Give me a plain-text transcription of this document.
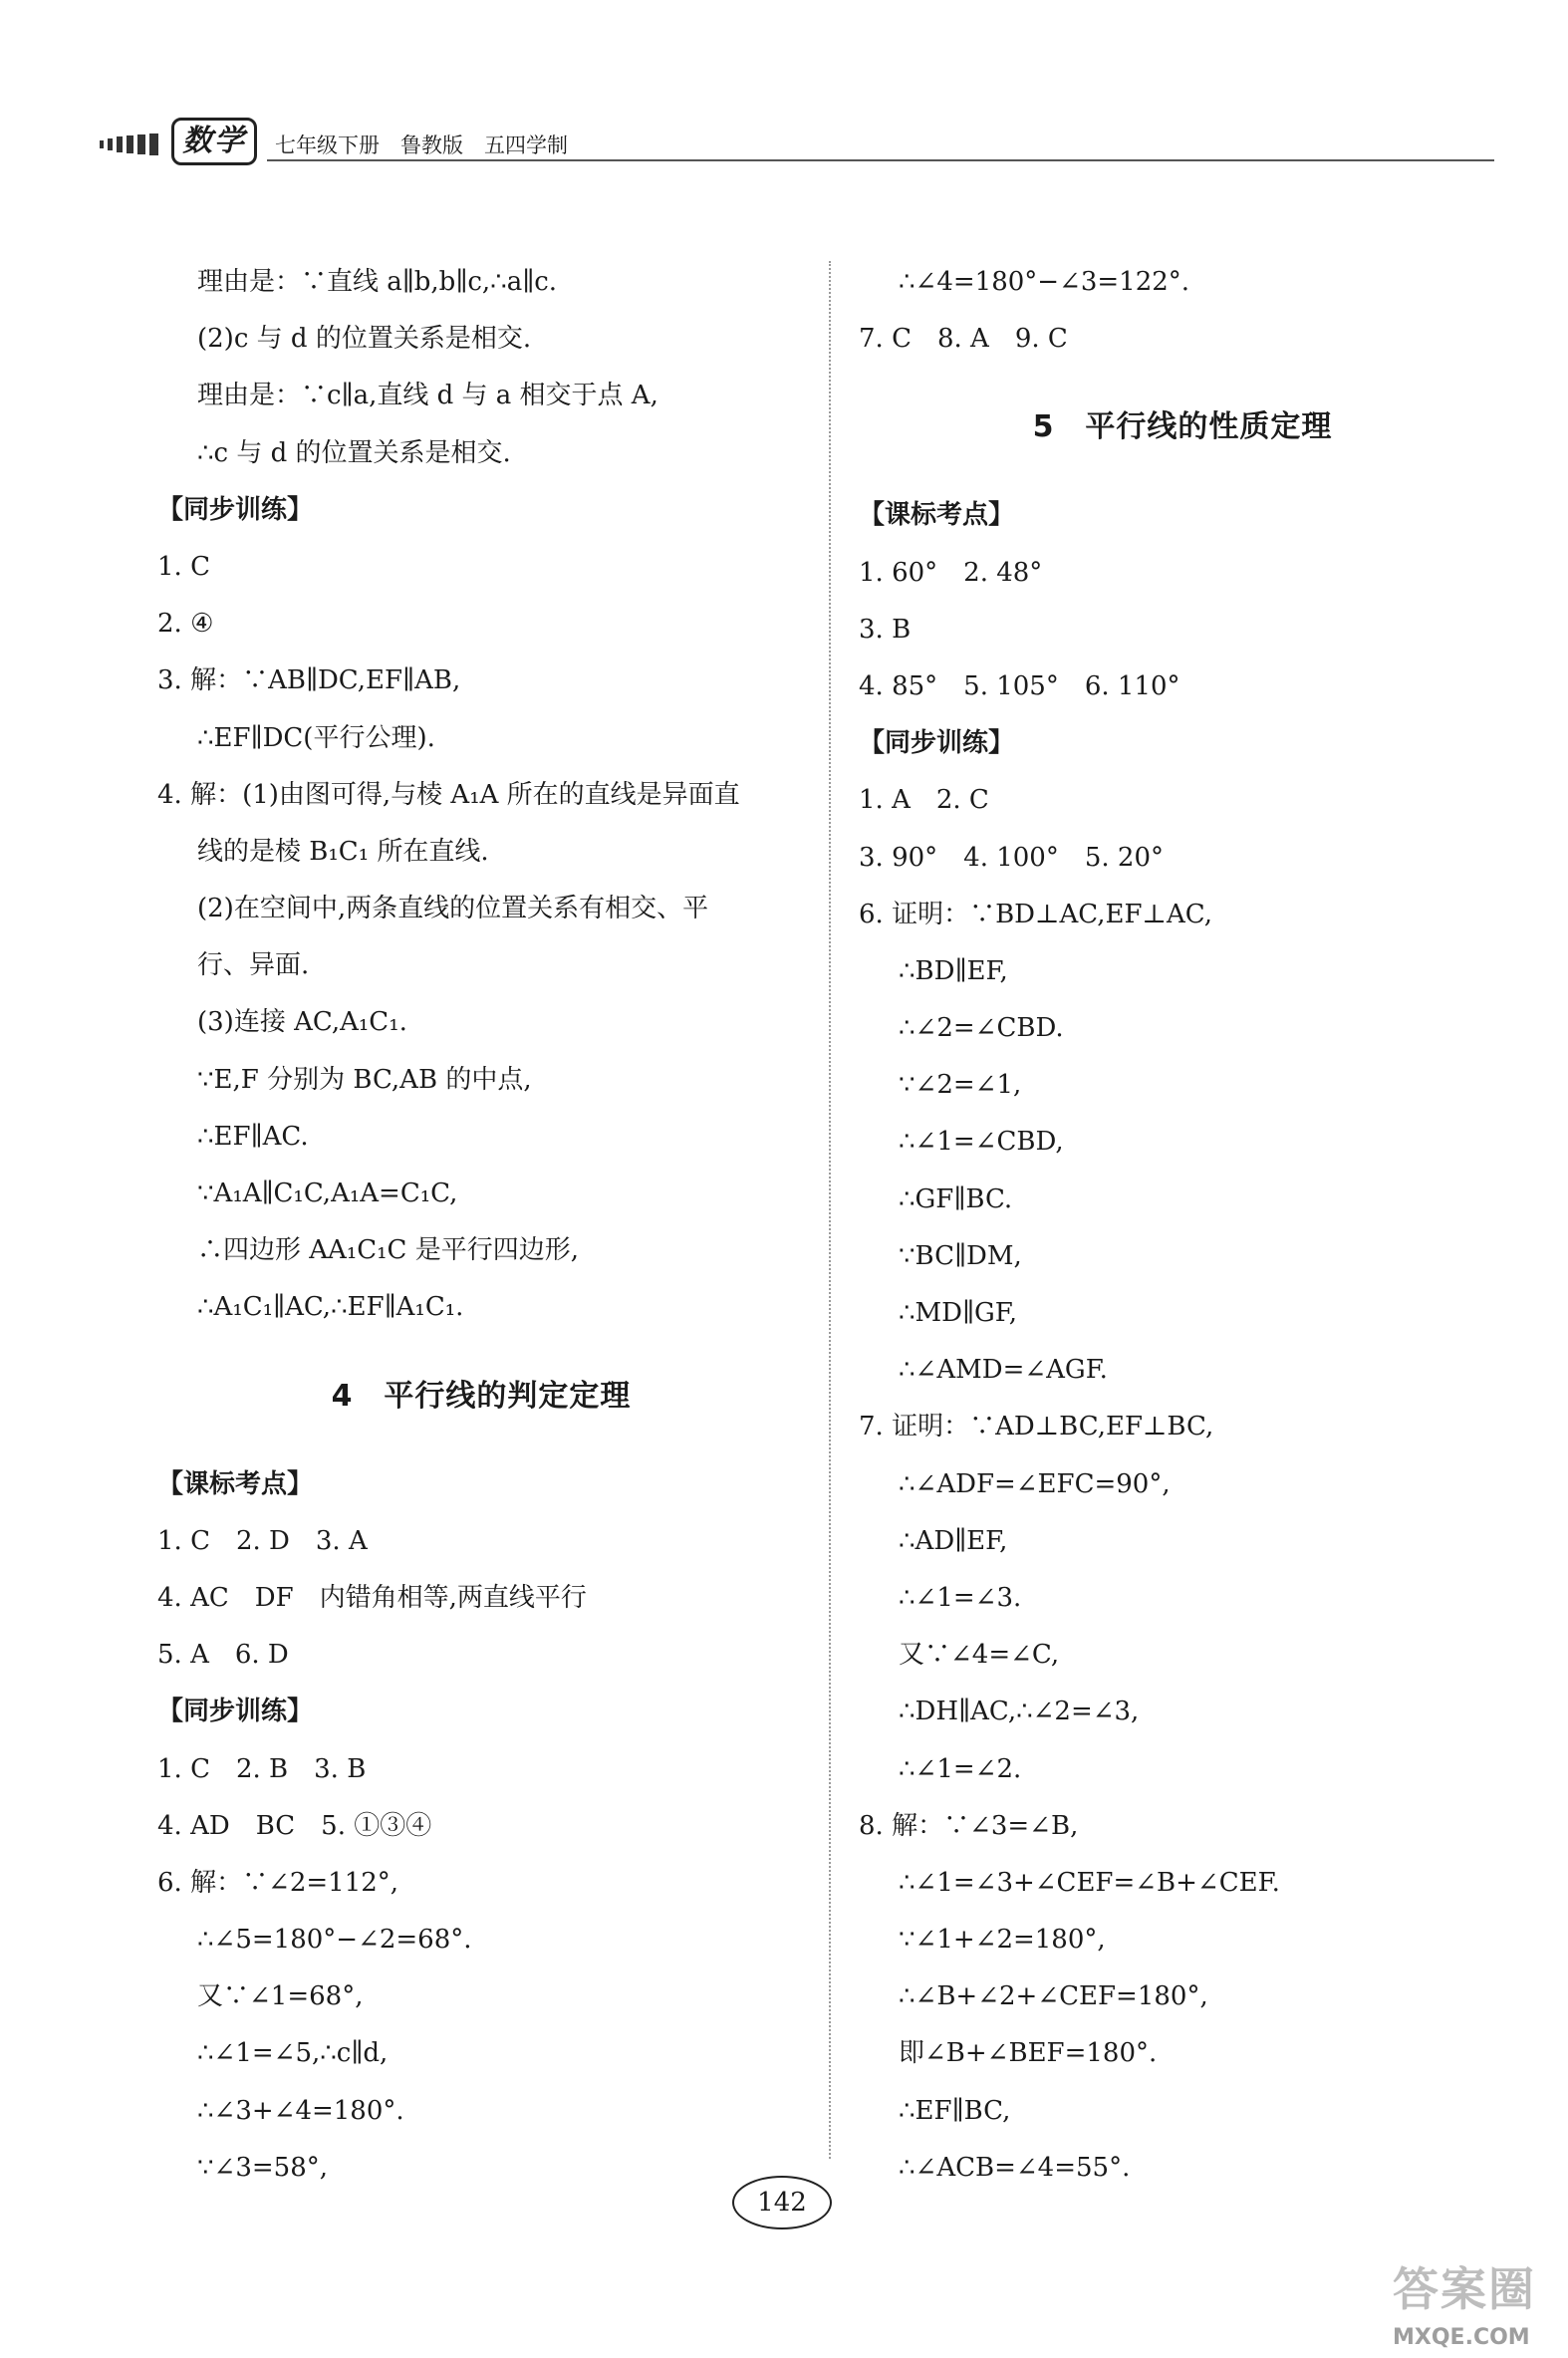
数学	七年级下册　鲁教版　五四学制
理由是：∵直线 a∥b,b∥c,∴a∥c.
(2)c 与 d 的位置关系是相交.
理由是：∵c∥a,直线 d 与 a 相交于点 A,
∴c 与 d 的位置关系是相交.
【同步训练】
1. C
2. ④
3. 解：∵AB∥DC,EF∥AB,
∴EF∥DC(平行公理).
4. 解：(1)由图可得,与棱 A₁A 所在的直线是异面直
线的是棱 B₁C₁ 所在直线.
(2)在空间中,两条直线的位置关系有相交、平
行、异面.
(3)连接 AC,A₁C₁.
∵E,F 分别为 BC,AB 的中点,
∴EF∥AC.
∵A₁A∥C₁C,A₁A=C₁C,
∴四边形 AA₁C₁C 是平行四边形,
∴A₁C₁∥AC,∴EF∥A₁C₁.
4　平行线的判定定理
【课标考点】
1. C　2. D　3. A
4. AC　DF　内错角相等,两直线平行
5. A　6. D
【同步训练】
1. C　2. B　3. B
4. AD　BC　5. ①③④
6. 解：∵∠2=112°,
∴∠5=180°−∠2=68°.
又∵∠1=68°,
∴∠1=∠5,∴c∥d,
∴∠3+∠4=180°.
∵∠3=58°,
∴∠4=180°−∠3=122°.
7. C　8. A　9. C
5　平行线的性质定理
【课标考点】
1. 60°　2. 48°
3. B
4. 85°　5. 105°　6. 110°
【同步训练】
1. A　2. C
3. 90°　4. 100°　5. 20°
6. 证明：∵BD⊥AC,EF⊥AC,
∴BD∥EF,
∴∠2=∠CBD.
∵∠2=∠1,
∴∠1=∠CBD,
∴GF∥BC.
∵BC∥DM,
∴MD∥GF,
∴∠AMD=∠AGF.
7. 证明：∵AD⊥BC,EF⊥BC,
∴∠ADF=∠EFC=90°,
∴AD∥EF,
∴∠1=∠3.
又∵∠4=∠C,
∴DH∥AC,∴∠2=∠3,
∴∠1=∠2.
8. 解：∵∠3=∠B,
∴∠1=∠3+∠CEF=∠B+∠CEF.
∵∠1+∠2=180°,
∴∠B+∠2+∠CEF=180°,
即∠B+∠BEF=180°.
∴EF∥BC,
∴∠ACB=∠4=55°.
142
答案圈
MXQE.COM
